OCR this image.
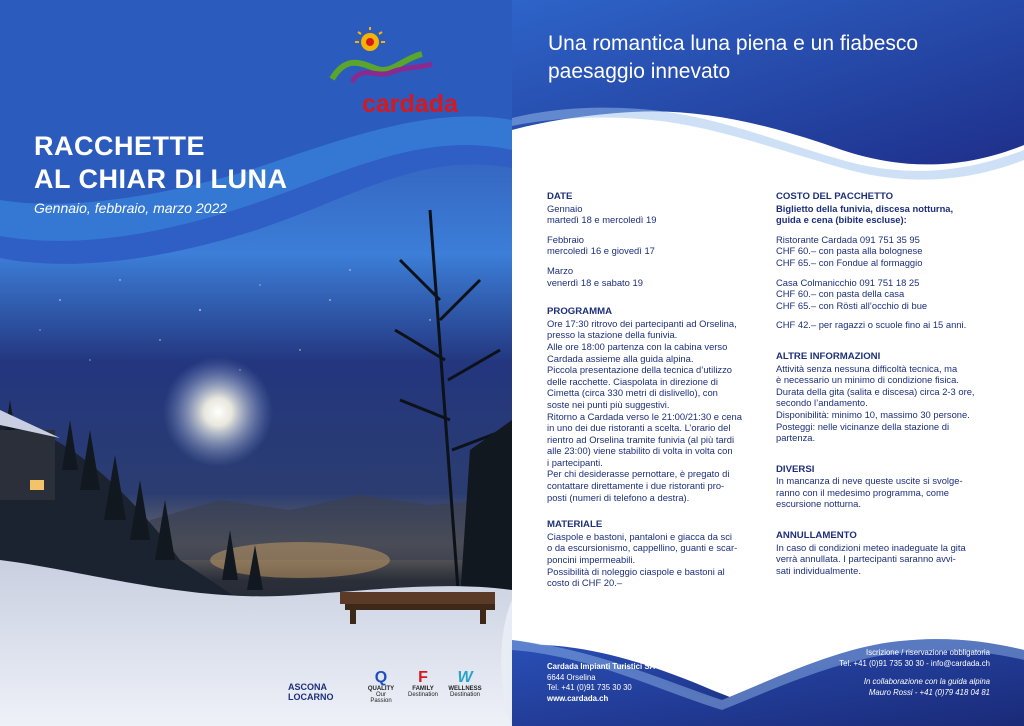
cardada
RACCHETTE
AL CHIAR DI LUNA
Gennaio, febbraio, marzo 2022
ASCONA
LOCARNO
Q
QUALITY
Our Passion
F
FAMILY
Destination
W
WELLNESS
Destination
Una romantica luna piena e un fiabesco
paesaggio innevato
DATE
Gennaio
martedì 18 e mercoledì 19
Febbraio
mercoledì 16 e giovedì 17
Marzo
venerdì 18 e sabato 19
PROGRAMMA
Ore 17:30 ritrovo dei partecipanti ad Orselina,
presso la stazione della funivia.
Alle ore 18:00 partenza con la cabina verso
Cardada assieme alla guida alpina.
Piccola presentazione della tecnica d’utilizzo
delle racchette. Ciaspolata in direzione di
Cimetta (circa 330 metri di dislivello), con
soste nei punti più suggestivi.
Ritorno a Cardada verso le 21:00/21:30 e cena
in uno dei due ristoranti a scelta. L’orario del
rientro ad Orselina tramite funivia (al più tardi
alle 23:00) viene stabilito di volta in volta con
i partecipanti.
Per chi desiderasse pernottare, è pregato di
contattare direttamente i due ristoranti pro-
posti (numeri di telefono a destra).
MATERIALE
Ciaspole e bastoni, pantaloni e giacca da sci
o da escursionismo, cappellino, guanti e scar-
poncini impermeabili.
Possibilità di noleggio ciaspole e bastoni al
costo di CHF 20.–
COSTO DEL PACCHETTO
Biglietto della funivia, discesa notturna,
guida e cena (bibite escluse):
Ristorante Cardada 091 751 35 95
CHF 60.– con pasta alla bolognese
CHF 65.– con Fondue al formaggio
Casa Colmanicchio 091 751 18 25
CHF 60.– con pasta della casa
CHF 65.– con Rösti all’occhio di bue
CHF 42.– per ragazzi o scuole fino ai 15 anni.
ALTRE INFORMAZIONI
Attività senza nessuna difficoltà tecnica, ma
è necessario un minimo di condizione fisica.
Durata della gita (salita e discesa) circa 2-3 ore,
secondo l’andamento.
Disponibilità: minimo 10, massimo 30 persone.
Posteggi: nelle vicinanze della stazione di
partenza.
DIVERSI
In mancanza di neve queste uscite si svolge-
ranno con il medesimo programma, come
escursione notturna.
ANNULLAMENTO
In caso di condizioni meteo inadeguate la gita
verrà annullata. I partecipanti saranno avvi-
sati individualmente.
Cardada Impianti Turistici SA
6644 Orselina
Tel. +41 (0)91 735 30 30
www.cardada.ch
Iscrizione / riservazione obbligatoria
Tel. +41 (0)91 735 30 30 - info@cardada.ch
In collaborazione con la guida alpina
Mauro Rossi - +41 (0)79 418 04 81
